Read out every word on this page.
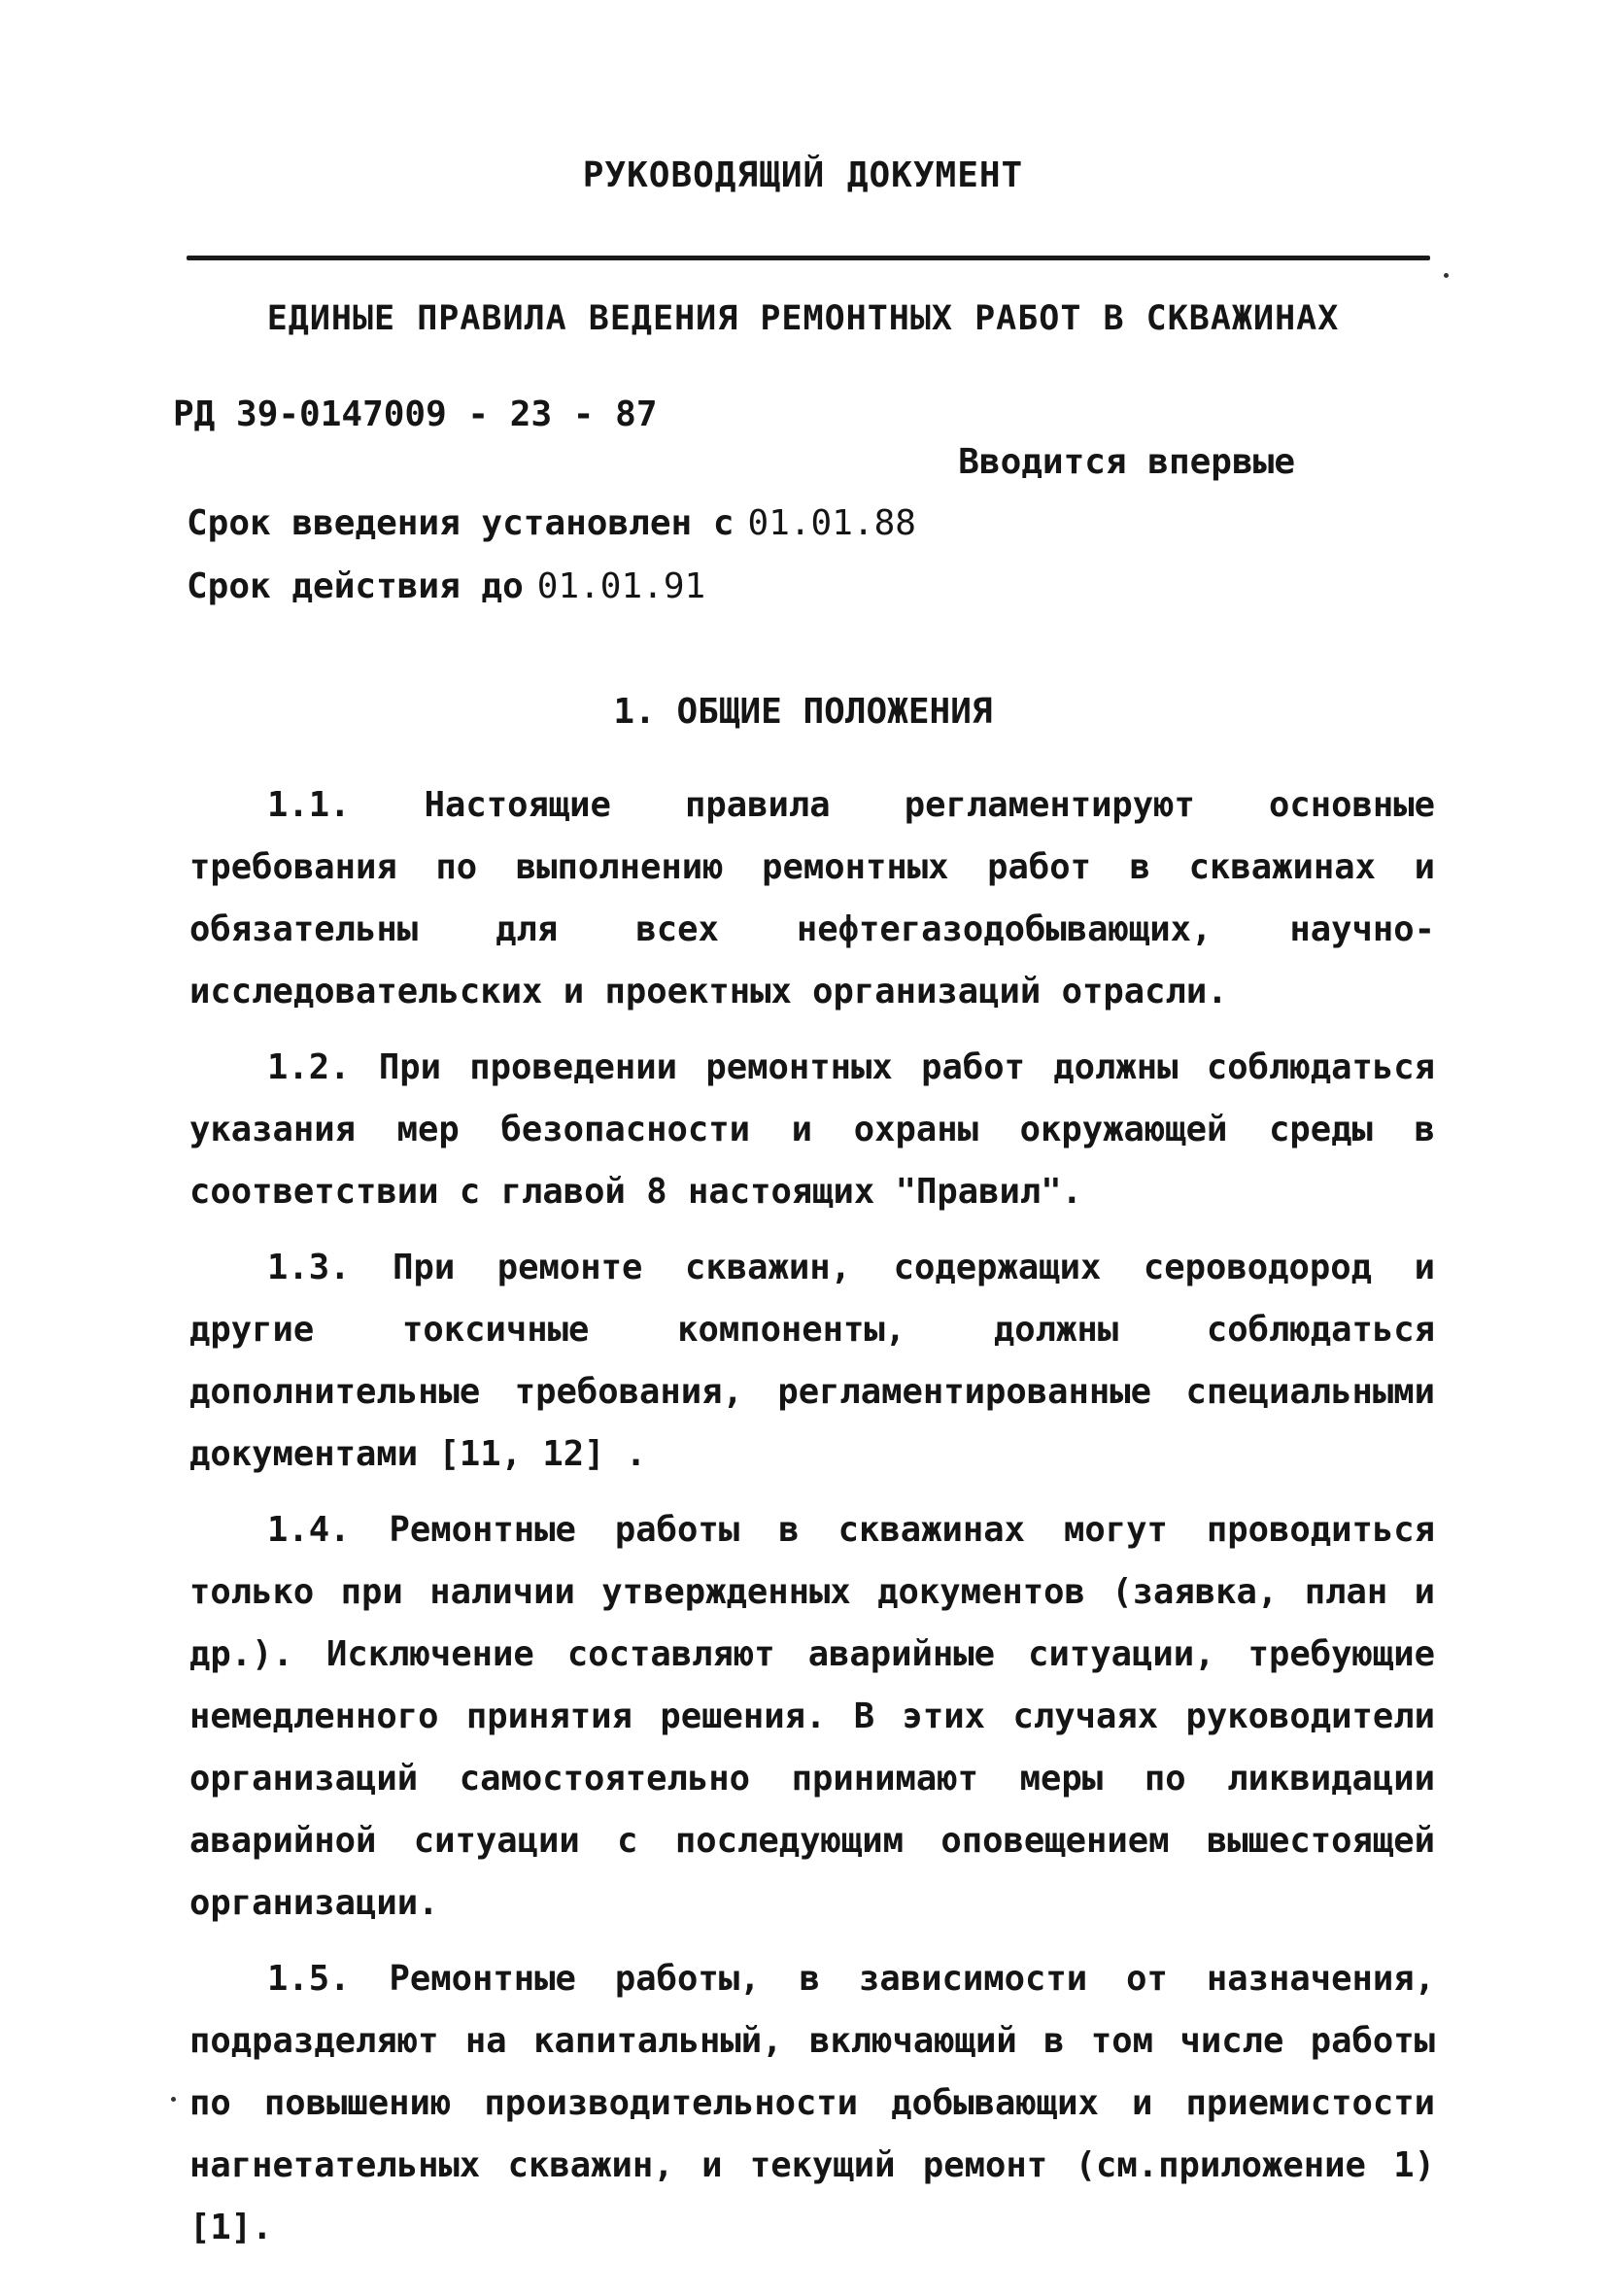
РУКОВОДЯЩИЙ ДОКУМЕНТ
ЕДИНЫЕ ПРАВИЛА ВЕДЕНИЯ РЕМОНТНЫХ РАБОТ В СКВАЖИНАХ
РД 39-0147009 - 23 - 87
Вводится впервые
Срок введения установлен с 01.01.88
Срок действия до 01.01.91
1. ОБЩИЕ ПОЛОЖЕНИЯ

1.1. Настоящие правила регламентируют основные требования по выполнению ремонтных работ в скважинах и обязательны для всех нефтегазодобывающих, научно-исследовательских и проектных организаций отрасли.

1.2. При проведении ремонтных работ должны соблюдаться указания мер безопасности и охраны окружающей среды в соответствии с главой 8 настоящих "Правил".

1.3. При ремонте скважин, содержащих сероводород и другие токсичные компоненты, должны соблюдаться дополнительные требования, регламентированные специальными документами [11, 12] .

1.4. Ремонтные работы в скважинах могут проводиться только при наличии утвержденных документов (заявка, план и др.). Исключение составляют аварийные ситуации, требующие немедленного принятия решения. В этих случаях руководители организаций самостоятельно принимают меры по ликвидации аварийной ситуации с последующим оповещением вышестоящей организации.

1.5. Ремонтные работы, в зависимости от назначения, подразделяют на капитальный, включающий в том числе работы по повышению производительности добывающих и приемистости нагнетательных скважин, и текущий ремонт (см.приложение 1) [1].
